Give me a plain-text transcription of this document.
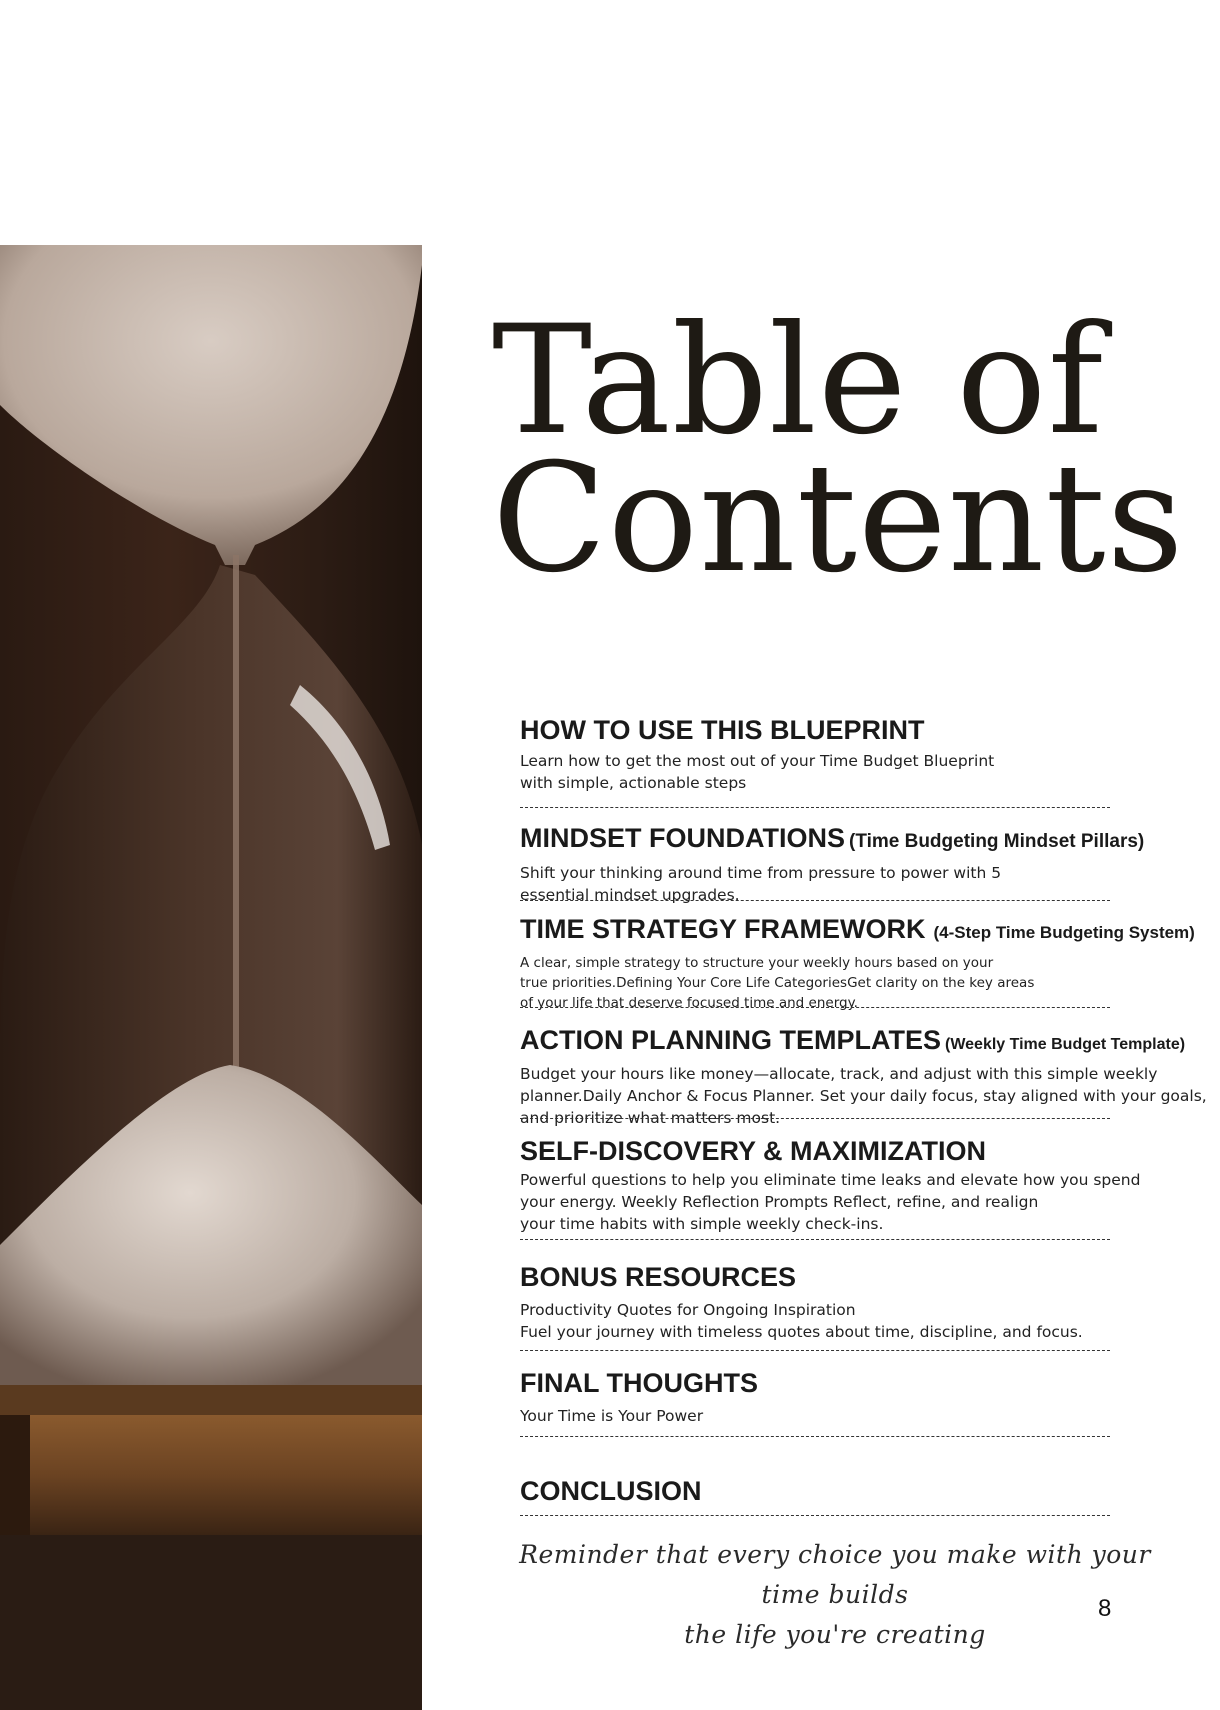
Table of
Contents
HOW TO USE THIS BLUEPRINT

Learn how to get the most out of your Time Budget Blueprint

with simple, actionable steps

MINDSET FOUNDATIONS (Time Budgeting Mindset Pillars)

Shift your thinking around time from pressure to power with 5

essential mindset upgrades.

TIME STRATEGY FRAMEWORK (4-Step Time Budgeting System)

A clear, simple strategy to structure your weekly hours based on your

true priorities.Defining Your Core Life CategoriesGet clarity on the key areas

of your life that deserve focused time and energy.

ACTION PLANNING TEMPLATES (Weekly Time Budget Template)

Budget your hours like money—allocate, track, and adjust with this simple weekly

planner.Daily Anchor & Focus Planner. Set your daily focus, stay aligned with your goals,

and prioritize what matters most.

SELF-DISCOVERY & MAXIMIZATION

Powerful questions to help you eliminate time leaks and elevate how you spend

your energy. Weekly Reflection Prompts Reflect, refine, and realign

your time habits with simple weekly check-ins.

BONUS RESOURCES

Productivity Quotes for Ongoing Inspiration

Fuel your journey with timeless quotes about time, discipline, and focus.

FINAL THOUGHTS

Your Time is Your Power

CONCLUSION
Reminder that every choice you make with your time builds
the life you're creating
8
